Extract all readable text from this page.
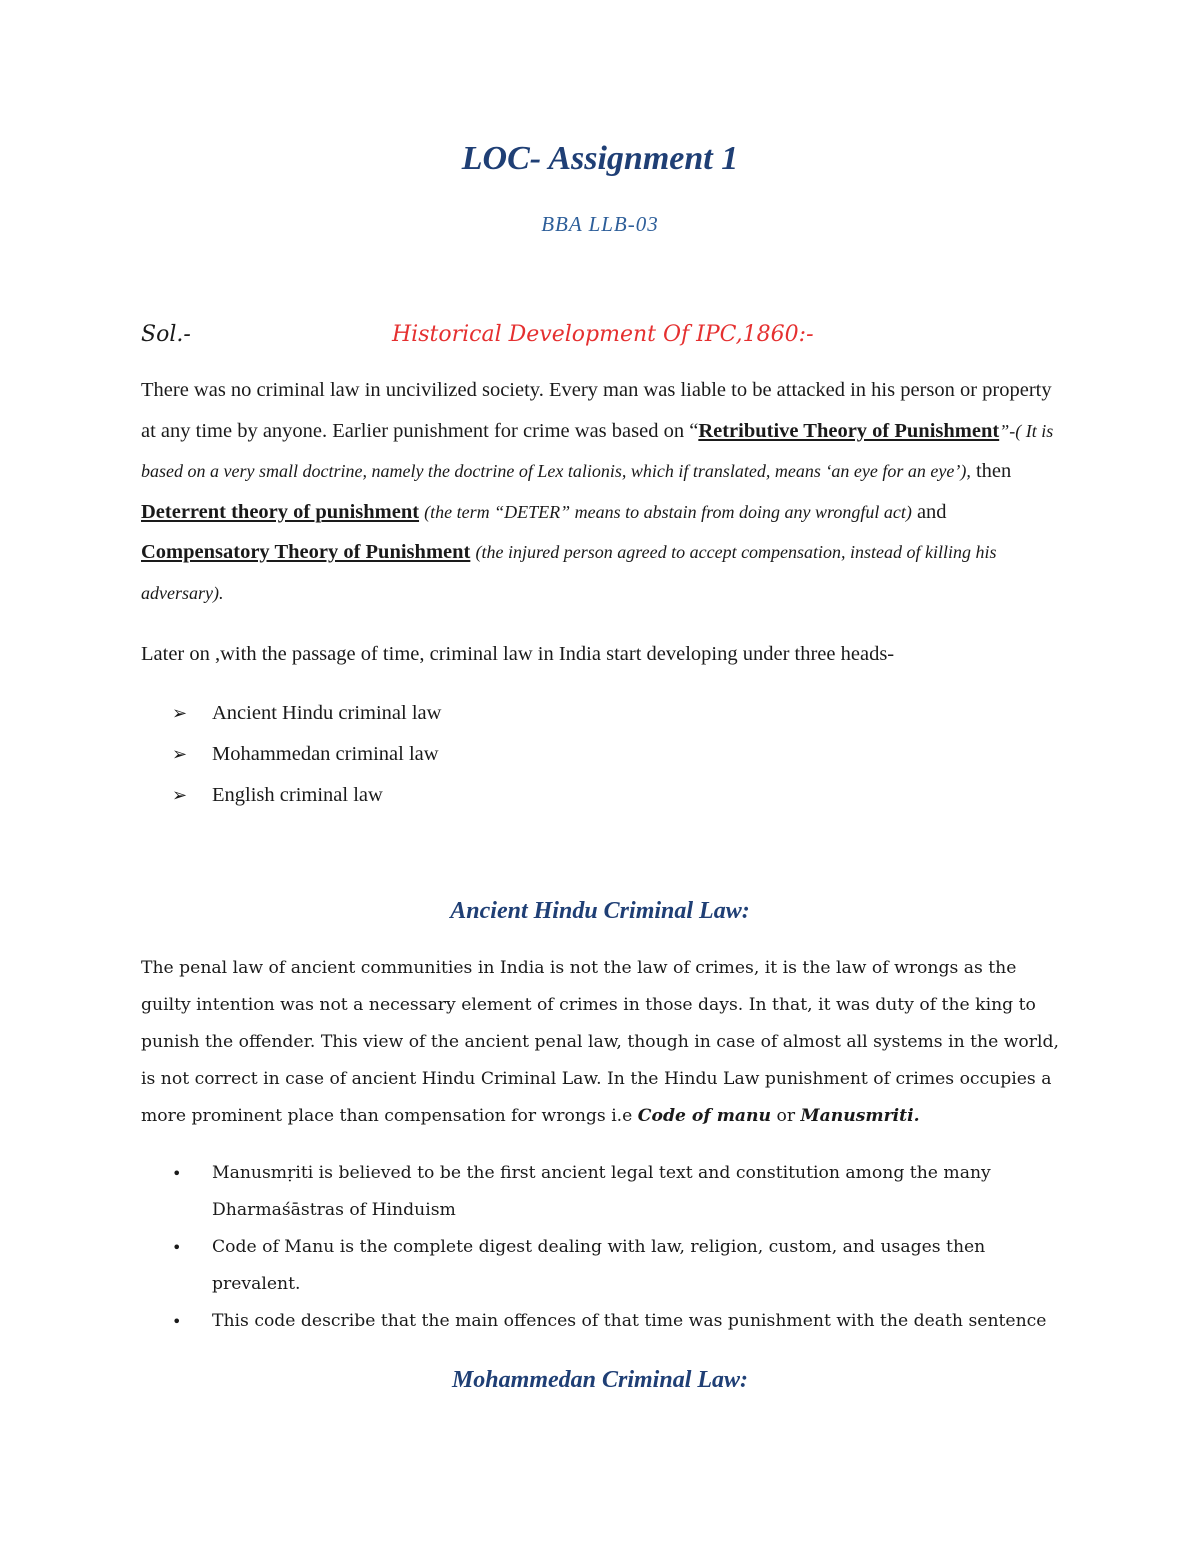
LOC- Assignment 1
BBA LLB-03
Sol.-	Historical Development Of IPC,1860:-
There was no criminal law in uncivilized society. Every man was liable to be attacked in his person or property at any time by anyone. Earlier punishment for crime was based on “Retributive Theory of Punishment”-( It is based on a very small doctrine, namely the doctrine of Lex talionis, which if translated, means ‘an eye for an eye’), then Deterrent theory of punishment (the term “DETER” means to abstain from doing any wrongful act) and Compensatory Theory of Punishment (the injured person agreed to accept compensation, instead of killing his adversary).
Later on ,with the passage of time, criminal law in India start developing under three heads-
➢ Ancient Hindu criminal law
➢ Mohammedan criminal law
➢ English criminal law
Ancient Hindu Criminal Law:
The penal law of ancient communities in India is not the law of crimes, it is the law of wrongs as the guilty intention was not a necessary element of crimes in those days. In that, it was duty of the king to punish the offender. This view of the ancient penal law, though in case of almost all systems in the world, is not correct in case of ancient Hindu Criminal Law. In the Hindu Law punishment of crimes occupies a more prominent place than compensation for wrongs i.e Code of manu or Manusmriti.
• Manusmṛiti is believed to be the first ancient legal text and constitution among the many Dharmaśāstras of Hinduism
• Code of Manu is the complete digest dealing with law, religion, custom, and usages then prevalent.
• This code describe that the main offences of that time was punishment with the death sentence
Mohammedan Criminal Law:
